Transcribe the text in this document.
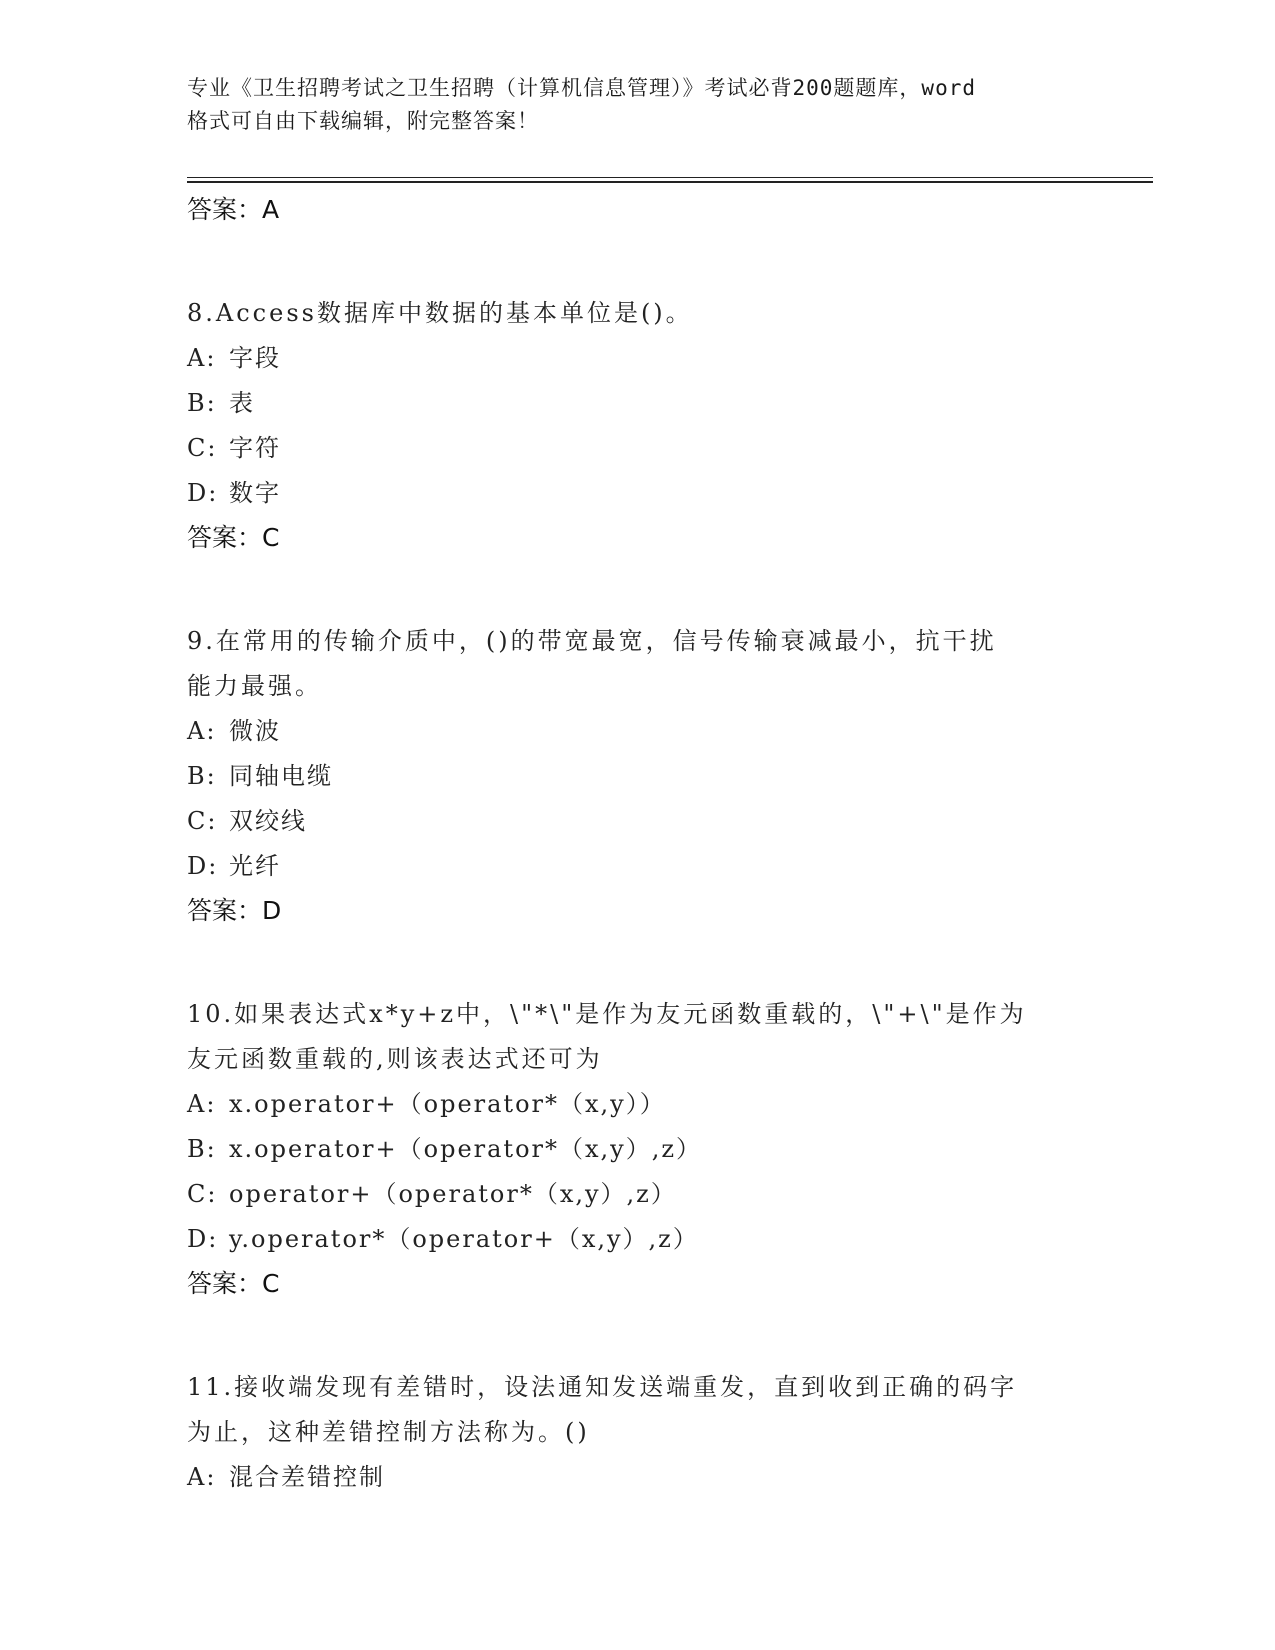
专业《卫生招聘考试之卫生招聘（计算机信息管理）》考试必背200题题库，word
格式可自由下载编辑，附完整答案！
答案：A
8.Access数据库中数据的基本单位是()。
A: 字段
B: 表
C: 字符
D: 数字
答案：C
9.在常用的传输介质中，()的带宽最宽，信号传输衰减最小，抗干扰
能力最强。
A: 微波
B: 同轴电缆
C: 双绞线
D: 光纤
答案：D
10.如果表达式x*y+z中，\"*\"是作为友元函数重载的，\"+\"是作为
友元函数重载的,则该表达式还可为
A: x.operator+（operator*（x,y））
B: x.operator+（operator*（x,y）,z）
C: operator+（operator*（x,y）,z）
D: y.operator*（operator+（x,y）,z）
答案：C
11.接收端发现有差错时，设法通知发送端重发，直到收到正确的码字
为止，这种差错控制方法称为。()
A: 混合差错控制
